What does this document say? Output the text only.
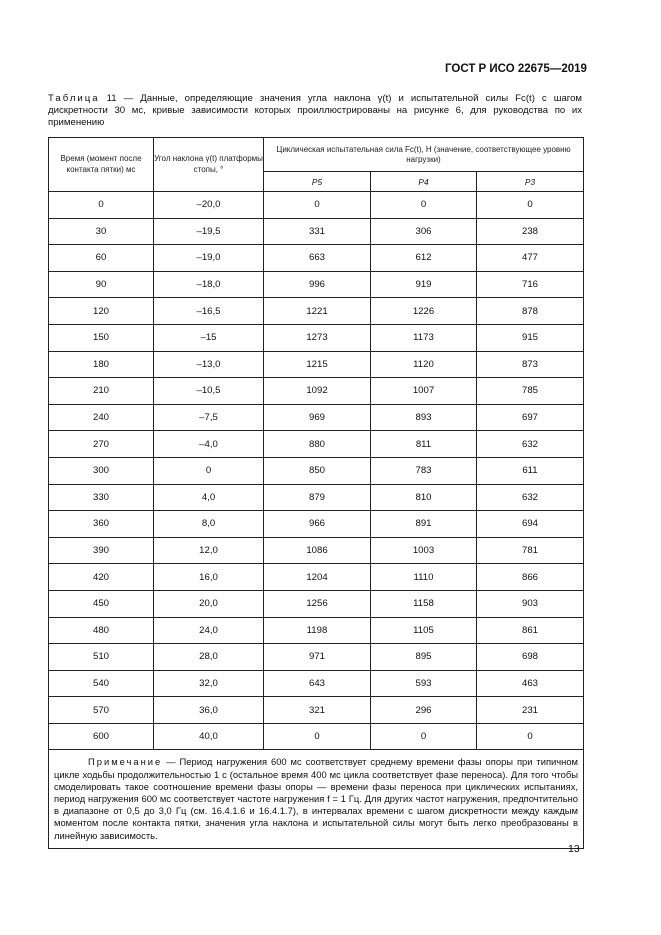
ГОСТ Р ИСО 22675—2019
Таблица 11 — Данные, определяющие значения угла наклона γ(t) и испытательной силы Fc(t) с шагом дискретности 30 мс, кривые зависимости которых проиллюстрированы на рисунке 6, для руководства по их применению
Время (момент после контакта пятки) мс	Угол наклона γ(t) платформы стопы, °	Циклическая испытательная сила Fc(t), Н (значение, соответствующее уровню нагрузки)		
		P5	P4	P3
0	–20,0	0	0	0
30	–19,5	331	306	238
60	–19,0	663	612	477
90	–18,0	996	919	716
120	–16,5	1221	1226	878
150	–15	1273	1173	915
180	–13,0	1215	1120	873
210	–10,5	1092	1007	785
240	–7,5	969	893	697
270	–4,0	880	811	632
300	0	850	783	611
330	4,0	879	810	632
360	8,0	966	891	694
390	12,0	1086	1003	781
420	16,0	1204	1110	866
450	20,0	1256	1158	903
480	24,0	1198	1105	861
510	28,0	971	895	698
540	32,0	643	593	463
570	36,0	321	296	231
600	40,0	0	0	0
Примечание — Период нагружения 600 мс соответствует среднему времени фазы опоры при типичном цикле ходьбы продолжительностью 1 с (остальное время 400 мс цикла соответствует фазе переноса). Для того чтобы смоделировать такое соотношение времени фазы опоры — времени фазы переноса при циклических испытаниях, период нагружения 600 мс соответствует частоте нагружения f = 1 Гц. Для других частот нагружения, предпочтительно в диапазоне от 0,5 до 3,0 Гц (см. 16.4.1.6 и 16.4.1.7), в интервалах времени с шагом дискретности между каждым моментом после контакта пятки, значения угла наклона и испытательной силы могут быть легко преобразованы в линейную зависимость.				
13
